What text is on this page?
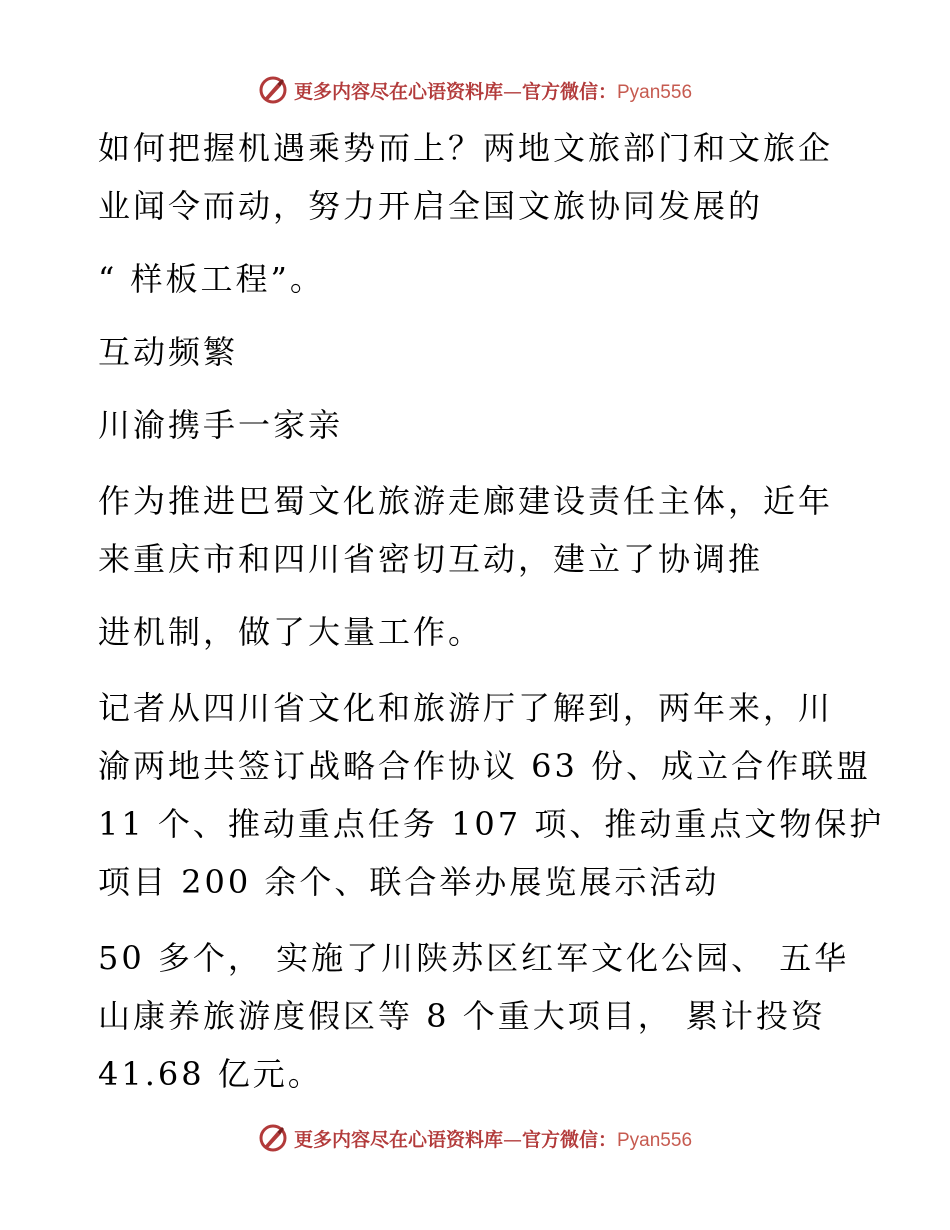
更多内容尽在心语资料库—官方微信：Pyan556
如何把握机遇乘势而上？两地文旅部门和文旅企
业闻令而动，努力开启全国文旅协同发展的
“ 样板工程”。
互动频繁
川渝携手一家亲
作为推进巴蜀文化旅游走廊建设责任主体，近年
来重庆市和四川省密切互动，建立了协调推
进机制，做了大量工作。
记者从四川省文化和旅游厅了解到，两年来，川
渝两地共签订战略合作协议 63 份、成立合作联盟
11 个、推动重点任务 107 项、推动重点文物保护
项目 200 余个、联合举办展览展示活动
50 多个， 实施了川陕苏区红军文化公园、 五华
山康养旅游度假区等 8 个重大项目， 累计投资
41.68 亿元。
更多内容尽在心语资料库—官方微信：Pyan556
